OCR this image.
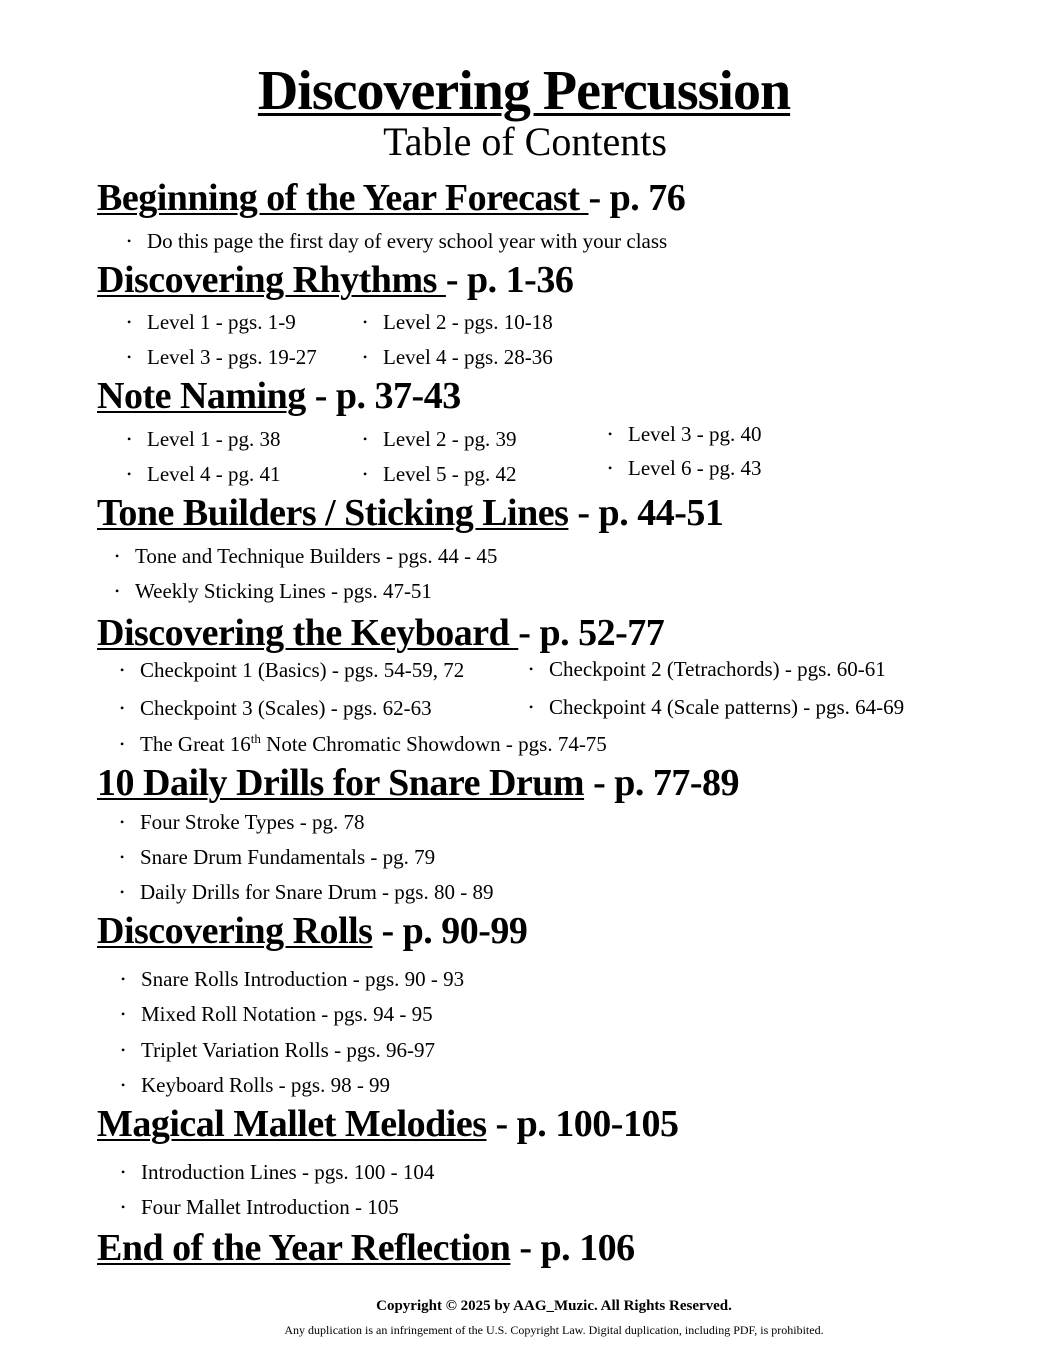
Discovering Percussion
Table of Contents
Beginning of the Year Forecast - p. 76
• Do this page the first day of every school year with your class
Discovering Rhythms - p. 1-36
• Level 1 - pgs. 1-9	• Level 2 - pgs. 10-18
• Level 3 - pgs. 19-27	• Level 4 - pgs. 28-36
Note Naming - p. 37-43
• Level 1 - pg. 38	• Level 2 - pg. 39	• Level 3 - pg. 40
• Level 4 - pg. 41	• Level 5 - pg. 42	• Level 6 - pg. 43
Tone Builders / Sticking Lines - p. 44-51
• Tone and Technique Builders - pgs. 44 - 45
• Weekly Sticking Lines - pgs. 47-51
Discovering the Keyboard - p. 52-77
• Checkpoint 1 (Basics) - pgs. 54-59, 72	• Checkpoint 2 (Tetrachords) - pgs. 60-61
• Checkpoint 3 (Scales) - pgs. 62-63	• Checkpoint 4 (Scale patterns) - pgs. 64-69
• The Great 16th Note Chromatic Showdown - pgs. 74-75
10 Daily Drills for Snare Drum - p. 77-89
• Four Stroke Types - pg. 78
• Snare Drum Fundamentals - pg. 79
• Daily Drills for Snare Drum - pgs. 80 - 89
Discovering Rolls - p. 90-99
• Snare Rolls Introduction - pgs. 90 - 93
• Mixed Roll Notation - pgs. 94 - 95
• Triplet Variation Rolls - pgs. 96-97
• Keyboard Rolls - pgs. 98 - 99
Magical Mallet Melodies - p. 100-105
• Introduction Lines - pgs. 100 - 104
• Four Mallet Introduction - 105
End of the Year Reflection - p. 106
Copyright © 2025 by AAG_Muzic. All Rights Reserved.
Any duplication is an infringement of the U.S. Copyright Law. Digital duplication, including PDF, is prohibited.
